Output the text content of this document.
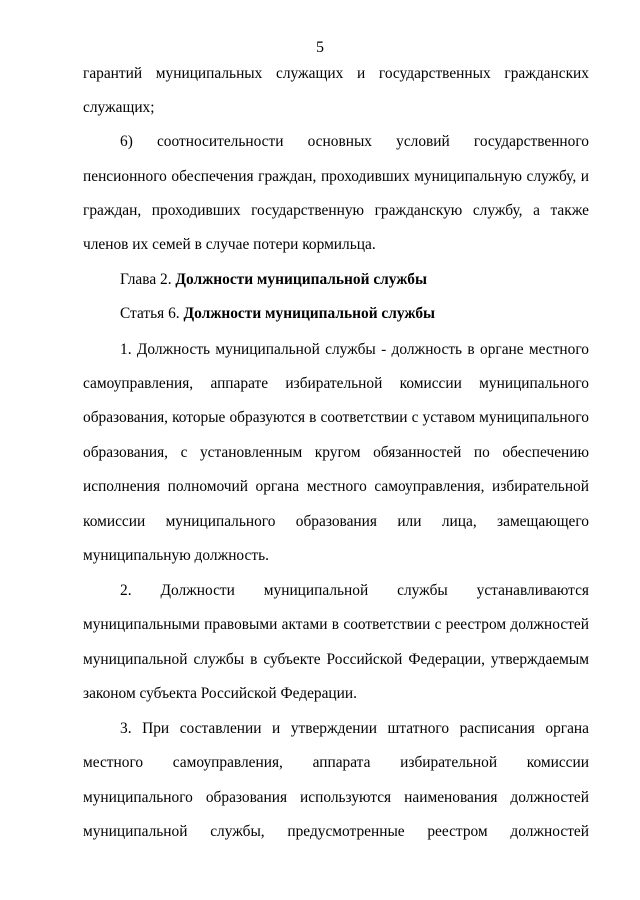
5
гарантий муниципальных служащих и государственных гражданских
служащих;
6) соотносительности основных условий государственного
пенсионного обеспечения граждан, проходивших муниципальную службу, и
граждан, проходивших государственную гражданскую службу, а также
членов их семей в случае потери кормильца.
Глава 2. Должности муниципальной службы
Статья 6. Должности муниципальной службы
1. Должность муниципальной службы - должность в органе местного
самоуправления, аппарате избирательной комиссии муниципального
образования, которые образуются в соответствии с уставом муниципального
образования, с установленным кругом обязанностей по обеспечению
исполнения полномочий органа местного самоуправления, избирательной
комиссии муниципального образования или лица, замещающего
муниципальную должность.
2. Должности муниципальной службы устанавливаются
муниципальными правовыми актами в соответствии с реестром должностей
муниципальной службы в субъекте Российской Федерации, утверждаемым
законом субъекта Российской Федерации.
3. При составлении и утверждении штатного расписания органа
местного самоуправления, аппарата избирательной комиссии
муниципального образования используются наименования должностей
муниципальной службы, предусмотренные реестром должностей
